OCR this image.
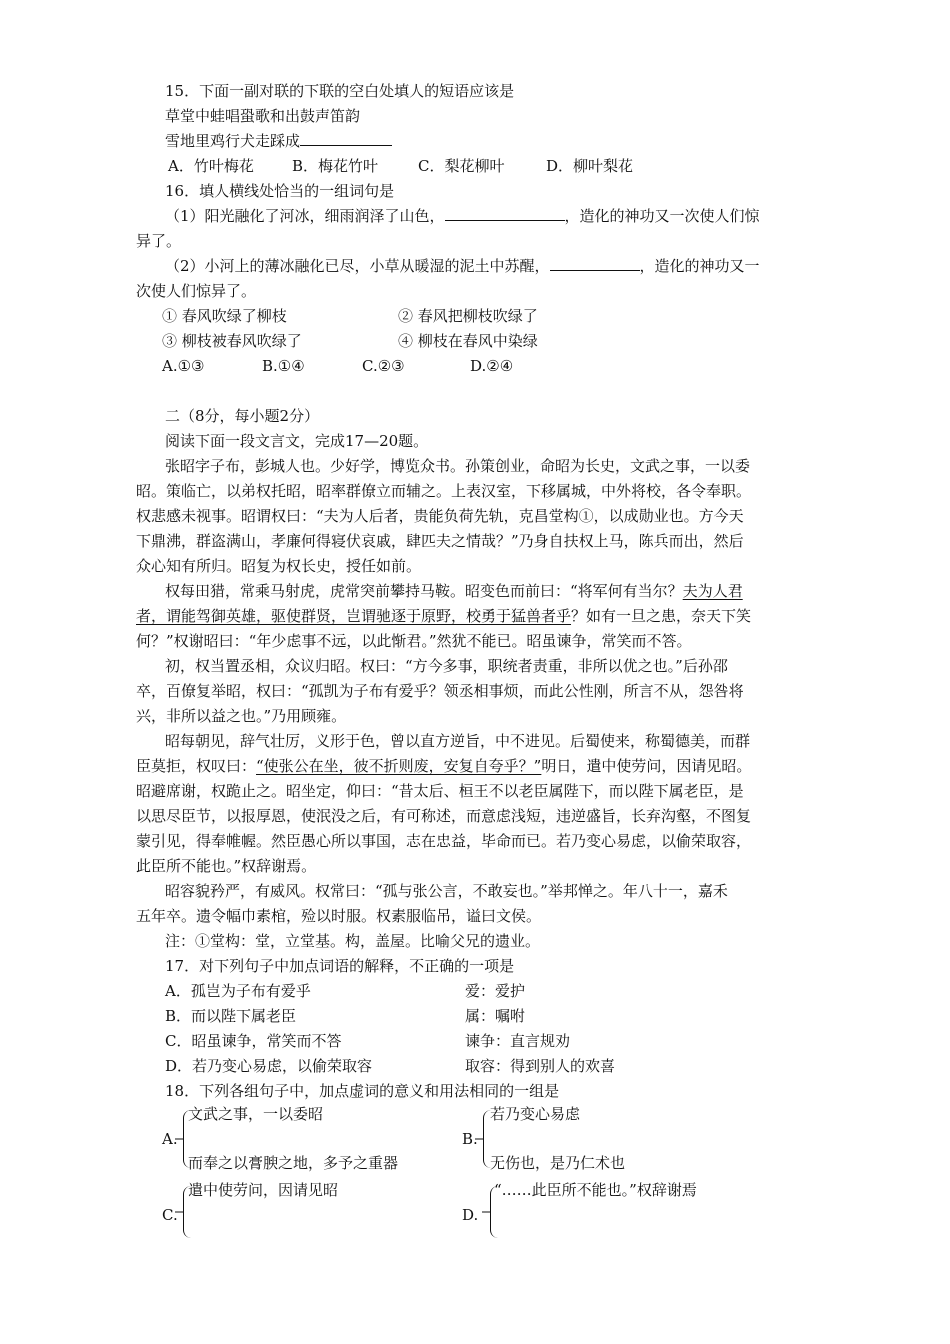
15．下面一副对联的下联的空白处填人的短语应该是
草堂中蛙唱蛩歌和出鼓声笛韵
雪地里鸡行犬走踩成
A．竹叶梅花	B．梅花竹叶	C．梨花柳叶	D．柳叶梨花
16．填人横线处恰当的一组词句是
（1）阳光融化了河冰，细雨润泽了山色，	，造化的神功又一次使人们惊
异了。
（2）小河上的薄冰融化已尽，小草从暖湿的泥土中苏醒，	，造化的神功又一
次使人们惊异了。
① 春风吹绿了柳枝	② 春风把柳枝吹绿了
③ 柳枝被春风吹绿了	④ 柳枝在春风中染绿
A.①③	B.①④	C.②③	D.②④
二（8分，每小题2分）
阅读下面一段文言文，完成17—20题。
张昭字子布，彭城人也。少好学，博览众书。孙策创业，命昭为长史，文武之事，一以委
昭。策临亡，以弟权托昭，昭率群僚立而辅之。上表汉室，下移属城，中外将校，各令奉职。
权悲感未视事。昭谓权曰：“夫为人后者，贵能负荷先轨，克昌堂构①，以成勋业也。方今天
下鼎沸，群盗满山，孝廉何得寝伏哀戚，肆匹夫之情哉？”乃身自扶权上马，陈兵而出，然后
众心知有所归。昭复为权长史，授任如前。
权每田猎，常乘马射虎，虎常突前攀持马鞍。昭变色而前曰：“将军何有当尔？夫为人君
者，谓能驾御英雄，驱使群贤，岂谓驰逐于原野，校勇于猛兽者乎？如有一旦之患，奈天下笑
何？”权谢昭曰：“年少虑事不远，以此惭君。”然犹不能已。昭虽谏争，常笑而不答。
初，权当置丞相，众议归昭。权曰：“方今多事，职统者责重，非所以优之也。”后孙邵
卒，百僚复举昭，权曰：“孤凯为子布有爱乎？领丞相事烦，而此公性刚，所言不从，怨咎将
兴，非所以益之也。”乃用顾雍。
昭每朝见，辞气壮厉，义形于色，曾以直方逆旨，中不进见。后蜀使来，称蜀德美，而群
臣莫拒，权叹曰：“使张公在坐，彼不折则废，安复自夸乎？”明日，遣中使劳问，因请见昭。
昭避席谢，权跪止之。昭坐定，仰曰：“昔太后、桓王不以老臣属陛下，而以陛下属老臣，是
以思尽臣节，以报厚恩，使泯没之后，有可称述，而意虑浅短，违逆盛旨，长弃沟壑，不图复
蒙引见，得奉帷幄。然臣愚心所以事国，志在忠益，毕命而已。若乃变心易虑，以偷荣取容，
此臣所不能也。”权辞谢焉。
昭容貌矜严，有威风。权常曰：“孤与张公言，不敢妄也。”举邦惮之。年八十一，嘉禾
五年卒。遗令幅巾素棺，殓以时服。权素服临吊，谥曰文侯。
注：①堂构：堂，立堂基。构，盖屋。比喻父兄的遗业。
17．对下列句子中加点词语的解释，不正确的一项是
A．孤岂为子布有爱乎	爱：爱护
B．而以陛下属老臣	属：嘱咐
C．昭虽谏争，常笑而不答	谏争：直言规劝
D．若乃变心易虑，以偷荣取容	取容：得到别人的欢喜
18．下列各组句子中，加点虚词的意义和用法相同的一组是
A.
文武之事，一以委昭
而奉之以膏腴之地，多予之重器
B.
若乃变心易虑
无伤也，是乃仁术也
C.
遣中使劳问，因请见昭
D.
“……此臣所不能也。”权辞谢焉
